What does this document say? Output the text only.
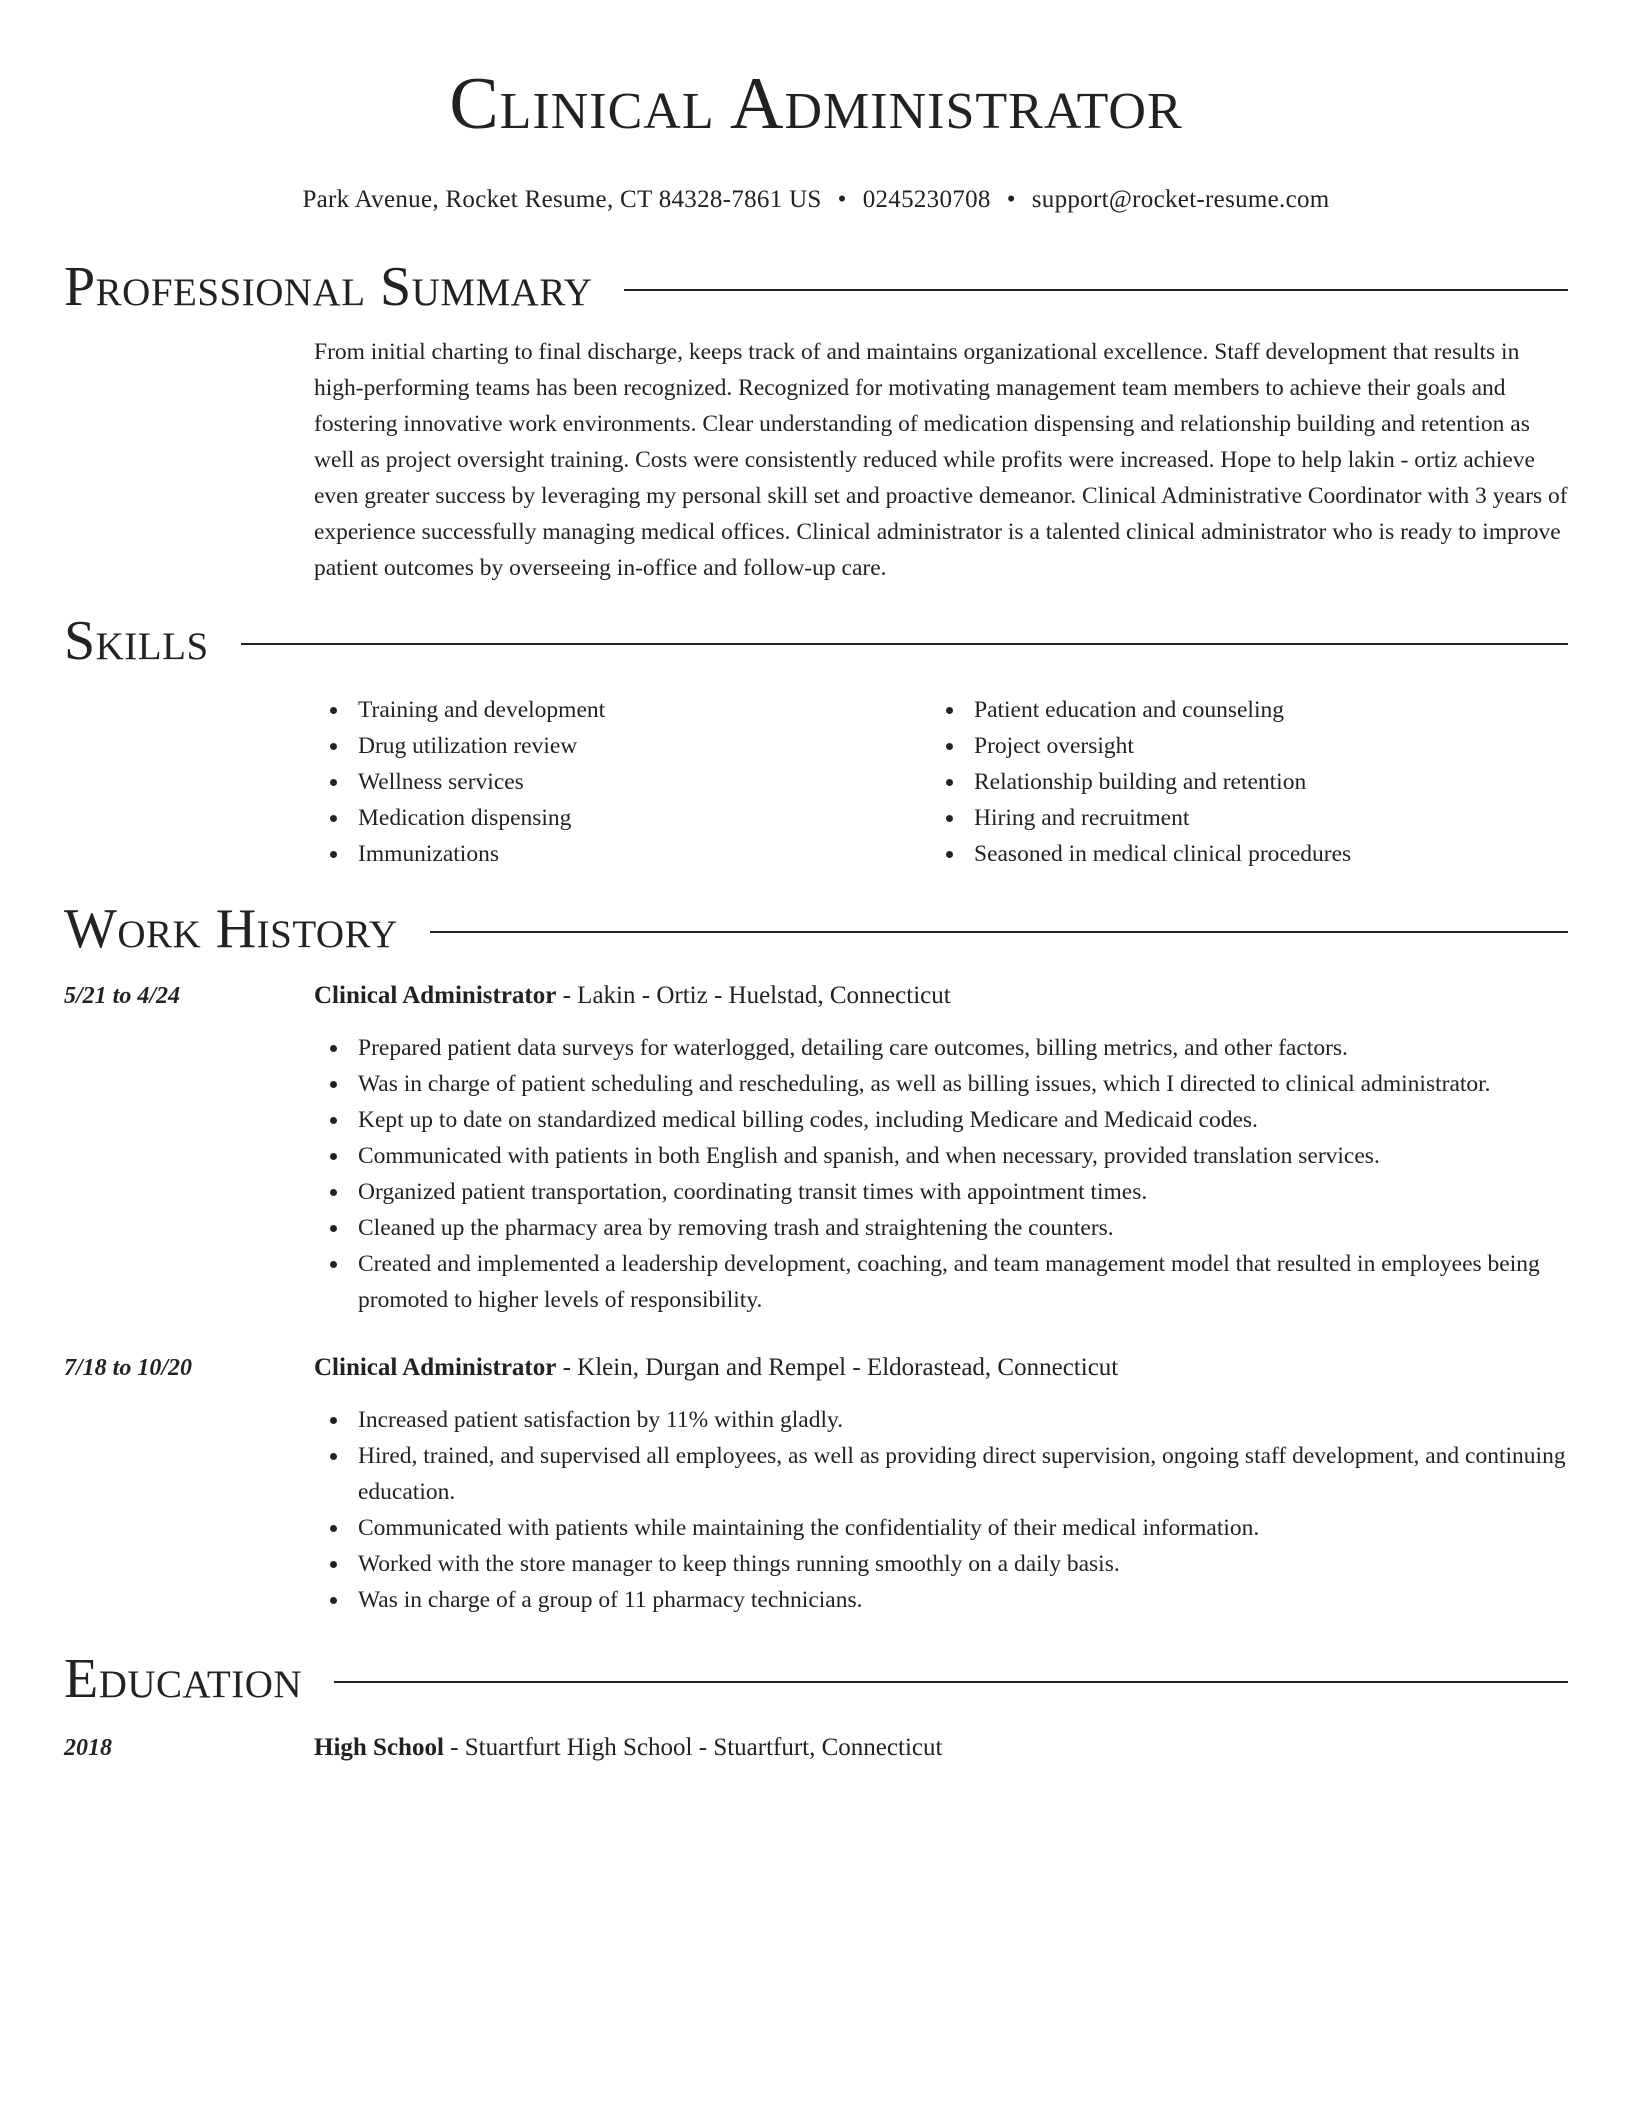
Clinical Administrator
Park Avenue, Rocket Resume, CT 84328-7861 US • 0245230708 • support@rocket-resume.com
Professional Summary

From initial charting to final discharge, keeps track of and maintains organizational excellence. Staff development that results in high-performing teams has been recognized. Recognized for motivating management team members to achieve their goals and fostering innovative work environments. Clear understanding of medication dispensing and relationship building and retention as well as project oversight training. Costs were consistently reduced while profits were increased. Hope to help lakin - ortiz achieve even greater success by leveraging my personal skill set and proactive demeanor. Clinical Administrative Coordinator with 3 years of experience successfully managing medical offices. Clinical administrator is a talented clinical administrator who is ready to improve patient outcomes by overseeing in-office and follow-up care.

Skills
Training and development
Drug utilization review
Wellness services
Medication dispensing
Immunizations
Patient education and counseling
Project oversight
Relationship building and retention
Hiring and recruitment
Seasoned in medical clinical procedures
Work History
5/21 to 4/24	Clinical Administrator - Lakin - Ortiz - Huelstad, Connecticut
Prepared patient data surveys for waterlogged, detailing care outcomes, billing metrics, and other factors.
Was in charge of patient scheduling and rescheduling, as well as billing issues, which I directed to clinical administrator.
Kept up to date on standardized medical billing codes, including Medicare and Medicaid codes.
Communicated with patients in both English and spanish, and when necessary, provided translation services.
Organized patient transportation, coordinating transit times with appointment times.
Cleaned up the pharmacy area by removing trash and straightening the counters.
Created and implemented a leadership development, coaching, and team management model that resulted in employees being promoted to higher levels of responsibility.
7/18 to 10/20	Clinical Administrator - Klein, Durgan and Rempel - Eldorastead, Connecticut
Increased patient satisfaction by 11% within gladly.
Hired, trained, and supervised all employees, as well as providing direct supervision, ongoing staff development, and continuing education.
Communicated with patients while maintaining the confidentiality of their medical information.
Worked with the store manager to keep things running smoothly on a daily basis.
Was in charge of a group of 11 pharmacy technicians.
Education
2018	High School - Stuartfurt High School - Stuartfurt, Connecticut
